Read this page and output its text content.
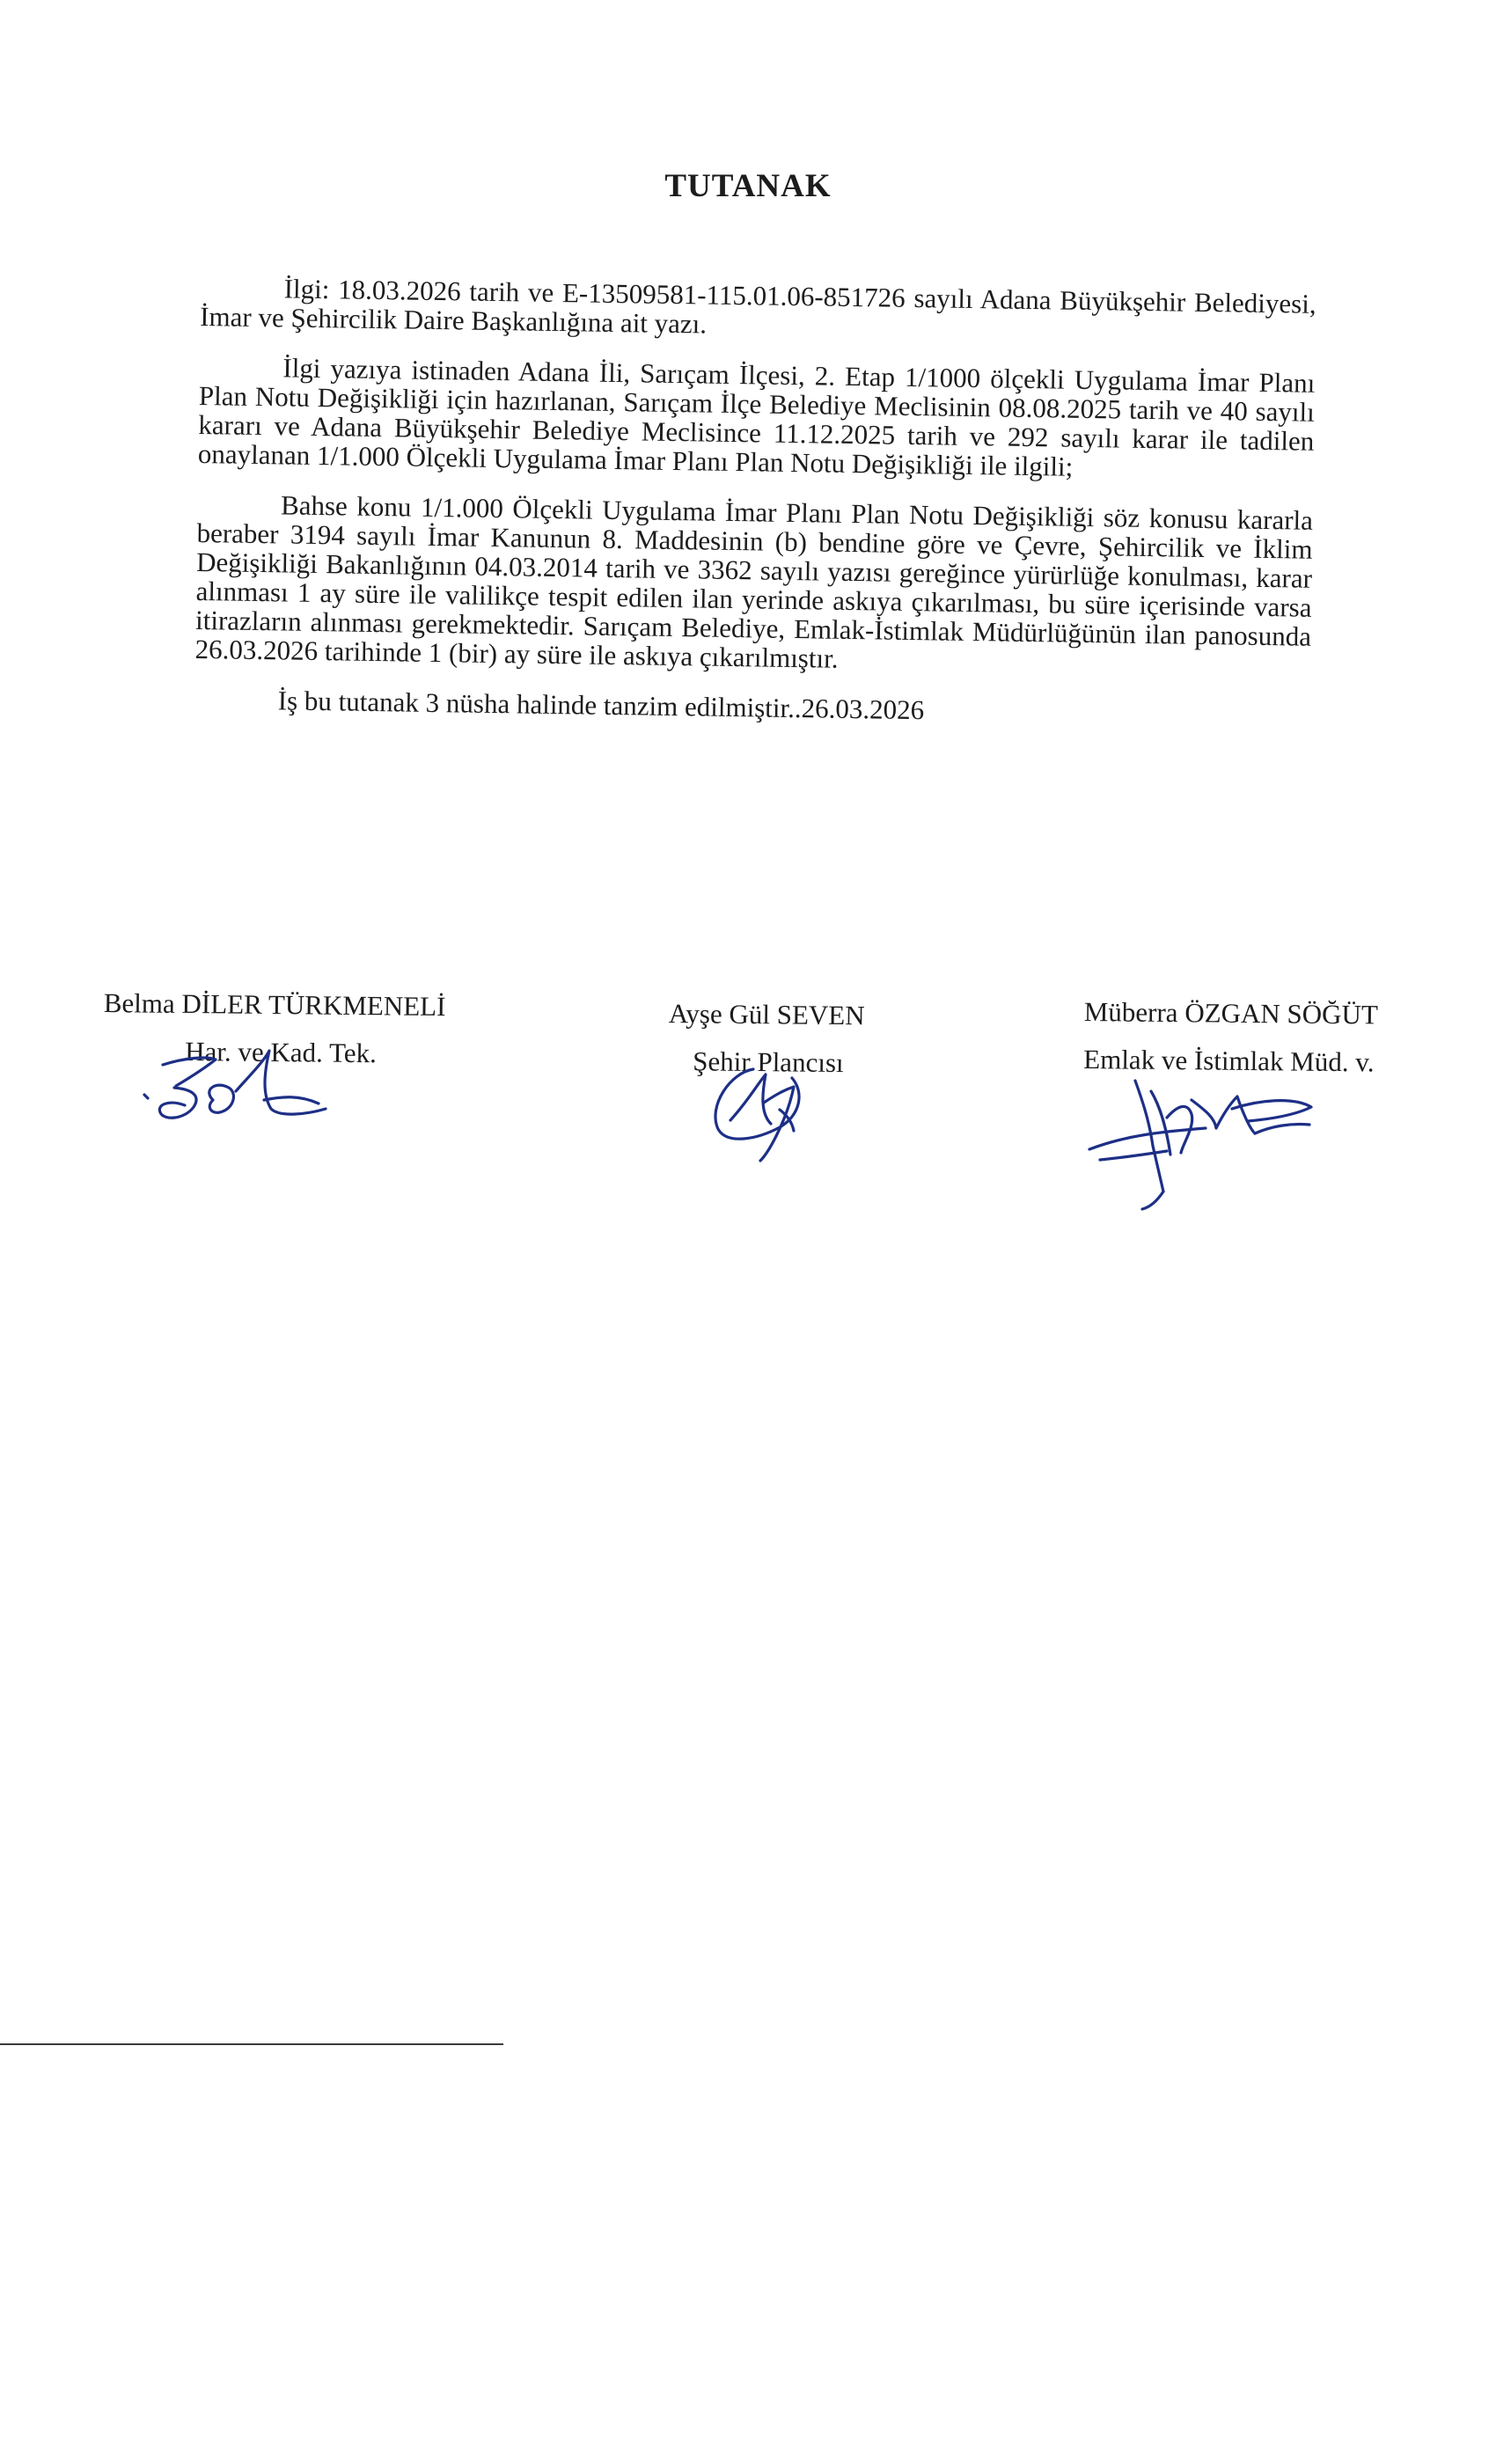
TUTANAK

İlgi: 18.03.2026 tarih ve E-13509581-115.01.06-851726 sayılı Adana Büyükşehir Belediyesi, İmar ve Şehircilik Daire Başkanlığına ait yazı.

İlgi yazıya istinaden Adana İli, Sarıçam İlçesi, 2. Etap 1/1000 ölçekli Uygulama İmar Planı Plan Notu Değişikliği için hazırlanan, Sarıçam İlçe Belediye Meclisinin 08.08.2025 tarih ve 40 sayılı kararı ve Adana Büyükşehir Belediye Meclisince 11.12.2025 tarih ve 292 sayılı karar ile tadilen onaylanan 1/1.000 Ölçekli Uygulama İmar Planı Plan Notu Değişikliği ile ilgili;

Bahse konu 1/1.000 Ölçekli Uygulama İmar Planı Plan Notu Değişikliği söz konusu kararla beraber 3194 sayılı İmar Kanunun 8. Maddesinin (b) bendine göre ve Çevre, Şehircilik ve İklim Değişikliği Bakanlığının 04.03.2014 tarih ve 3362 sayılı yazısı gereğince yürürlüğe konulması, karar alınması 1 ay süre ile valilikçe tespit edilen ilan yerinde askıya çıkarılması, bu süre içerisinde varsa itirazların alınması gerekmektedir. Sarıçam Belediye, Emlak-İstimlak Müdürlüğünün ilan panosunda 26.03.2026 tarihinde 1 (bir) ay süre ile askıya çıkarılmıştır.

İş bu tutanak 3 nüsha halinde tanzim edilmiştir..26.03.2026

Belma DİLER TÜRKMENELİ
Har. ve Kad. Tek.
Ayşe Gül SEVEN
Şehir Plancısı
Müberra ÖZGAN SÖĞÜT
Emlak ve İstimlak Müd. v.
